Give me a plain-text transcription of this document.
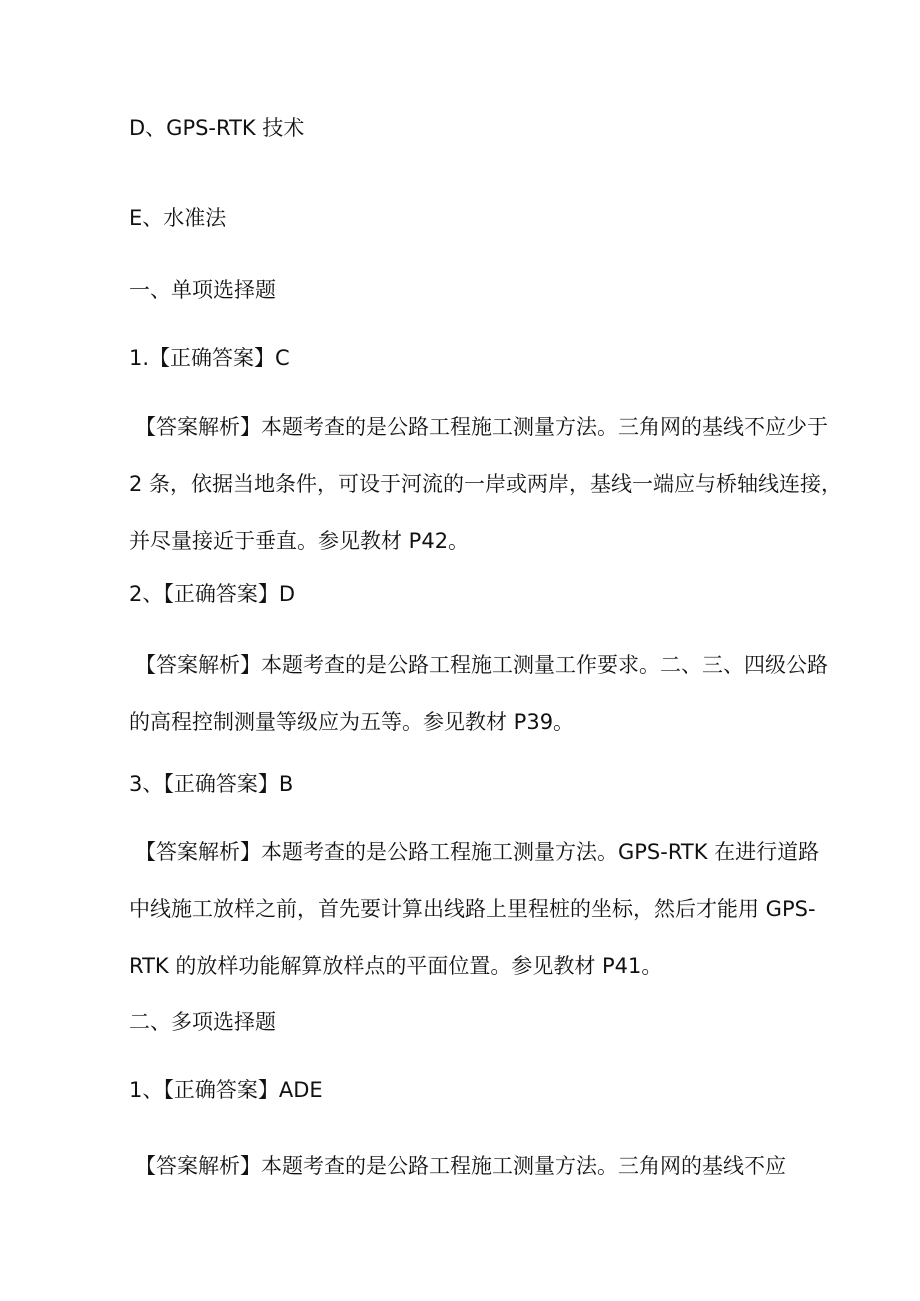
D、GPS-RTK 技术
E、水准法
一、单项选择题
1.【正确答案】C
【答案解析】本题考查的是公路工程施工测量方法。三角网的基线不应少于
2 条，依据当地条件，可设于河流的一岸或两岸，基线一端应与桥轴线连接，
并尽量接近于垂直。参见教材 P42。
2、【正确答案】D
【答案解析】本题考查的是公路工程施工测量工作要求。二、三、四级公路
的高程控制测量等级应为五等。参见教材 P39。
3、【正确答案】B
【答案解析】本题考查的是公路工程施工测量方法。GPS-RTK 在进行道路
中线施工放样之前，首先要计算出线路上里程桩的坐标，然后才能用 GPS-
RTK 的放样功能解算放样点的平面位置。参见教材 P41。
二、多项选择题
1、【正确答案】ADE
【答案解析】本题考查的是公路工程施工测量方法。三角网的基线不应
